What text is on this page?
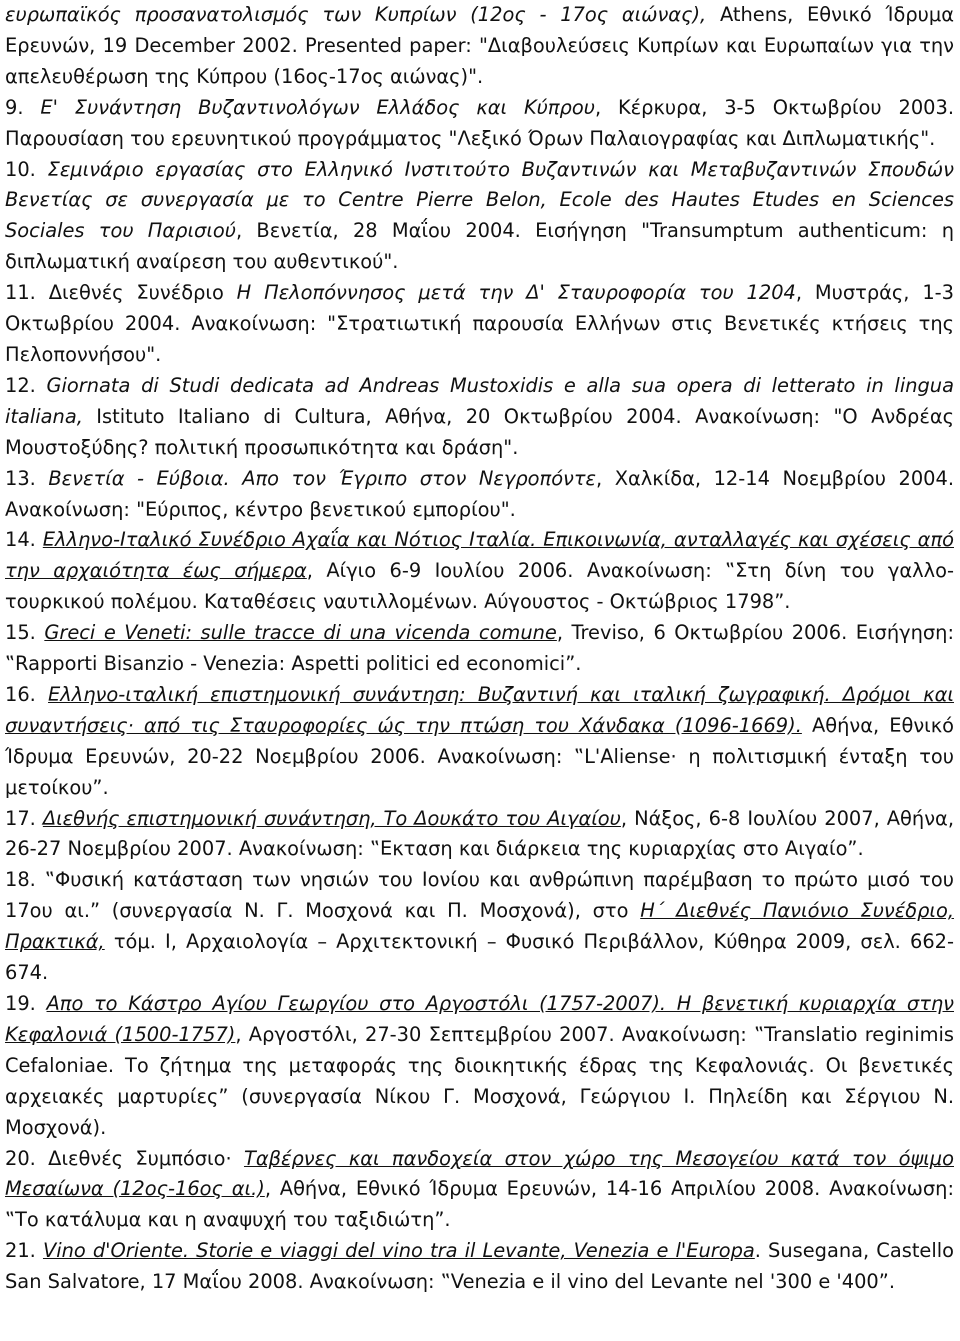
ευρωπαϊκός προσανατολισμός των Κυπρίων (12ος - 17ος αιώνας), Athens, Εθνικό Ίδρυμα Ερευνών, 19 December 2002. Presented paper: "Διαβουλεύσεις Κυπρίων και Ευρωπαίων για την απελευθέρωση της Κύπρου (16ος-17ος αιώνας)".

9. Ε' Συνάντηση Βυζαντινολόγων Ελλάδος και Κύπρου, Κέρκυρα, 3-5 Οκτωβρίου 2003. Παρουσίαση του ερευνητικού προγράμματος "Λεξικό Όρων Παλαιογραφίας και Διπλωματικής".

10. Σεμινάριο εργασίας στο Ελληνικό Ινστιτούτο Βυζαντινών και Μεταβυζαντινών Σπουδών Βενετίας σε συνεργασία με το Centre Pierre Belon, Ecole des Hautes Etudes en Sciences Sociales του Παρισιού, Βενετία, 28 Μαΐου 2004. Εισήγηση "Transumptum authenticum: η διπλωματική αναίρεση του αυθεντικού".

11. Διεθνές Συνέδριο Η Πελοπόννησος μετά την Δ' Σταυροφορία του 1204, Μυστράς, 1-3 Οκτωβρίου 2004. Ανακοίνωση: "Στρατιωτική παρουσία Ελλήνων στις Βενετικές κτήσεις της Πελοποννήσου".

12. Giornata di Studi dedicata ad Andreas Mustoxidis e alla sua opera di letterato in lingua italiana, Istituto Italiano di Cultura, Αθήνα, 20 Οκτωβρίου 2004. Ανακοίνωση: "Ο Ανδρέας Μουστοξύδης? πολιτική προσωπικότητα και δράση".

13. Βενετία - Εύβοια. Απο τον Έγριπο στον Νεγροπόντε, Χαλκίδα, 12-14 Νοεμβρίου 2004. Ανακοίνωση: "Εύριπος, κέντρο βενετικού εμπορίου".

14. Ελληνο-Ιταλικό Συνέδριο Αχαΐα και Νότιος Ιταλία. Επικοινωνία, ανταλλαγές και σχέσεις από την αρχαιότητα έως σήμερα, Αίγιο 6-9 Ιουλίου 2006. Ανακοίνωση: ‟Στη δίνη του γαλλο-τουρκικού πολέμου. Καταθέσεις ναυτιλλομένων. Αύγουστος - Οκτώβριος 1798”.

15. Greci e Veneti: sulle tracce di una vicenda comune, Treviso, 6 Οκτωβρίου 2006. Εισήγηση: ‟Rapporti Bisanzio - Venezia: Aspetti politici ed economici”.

16. Ελληνο-ιταλική επιστημονική συνάντηση: Βυζαντινή και ιταλική ζωγραφική. Δρόμοι και συναντήσεις· από τις Σταυροφορίες ώς την πτώση του Χάνδακα (1096-1669). Αθήνα, Εθνικό Ίδρυμα Ερευνών, 20-22 Νοεμβρίου 2006. Ανακοίνωση: ‟L'Aliense· η πολιτισμική ένταξη του μετοίκου”.

17. Διεθνής επιστημονική συνάντηση, Το Δουκάτο του Αιγαίου, Νάξος, 6-8 Ιουλίου 2007, Αθήνα, 26-27 Νοεμβρίου 2007. Ανακοίνωση: ‟Εκταση και διάρκεια της κυριαρχίας στο Αιγαίο”.

18. ‟Φυσική κατάσταση των νησιών του Ιονίου και ανθρώπινη παρέμβαση το πρώτο μισό του 17ου αι.” (συνεργασία Ν. Γ. Μοσχονά και Π. Μοσχονά), στο Η΄ Διεθνές Πανιόνιο Συνέδριο, Πρακτικά, τόμ. Ι, Αρχαιολογία – Αρχιτεκτονική – Φυσικό Περιβάλλον, Κύθηρα 2009, σελ. 662-674.

19. Απο το Κάστρο Αγίου Γεωργίου στο Αργοστόλι (1757-2007). Η βενετική κυριαρχία στην Κεφαλονιά (1500-1757), Αργοστόλι, 27-30 Σεπτεμβρίου 2007. Ανακοίνωση: ‟Translatio reginimis Cefaloniae. Το ζήτημα της μεταφοράς της διοικητικής έδρας της Κεφαλονιάς. Οι βενετικές αρχειακές μαρτυρίες” (συνεργασία Νίκου Γ. Μοσχονά, Γεώργιου Ι. Πηλείδη και Σέργιου Ν. Μοσχονά).

20. Διεθνές Συμπόσιο· Ταβέρνες και πανδοχεία στον χώρο της Μεσογείου κατά τον όψιμο Μεσαίωνα (12ος-16ος αι.), Αθήνα, Εθνικό Ίδρυμα Ερευνών, 14-16 Απριλίου 2008. Ανακοίνωση: ‟Το κατάλυμα και η αναψυχή του ταξιδιώτη”.

21. Vino d'Oriente. Storie e viaggi del vino tra il Levante, Venezia e l'Europa. Susegana, Castello San Salvatore, 17 Μαΐου 2008. Ανακοίνωση: ‟Venezia e il vino del Levante nel '300 e '400”.
